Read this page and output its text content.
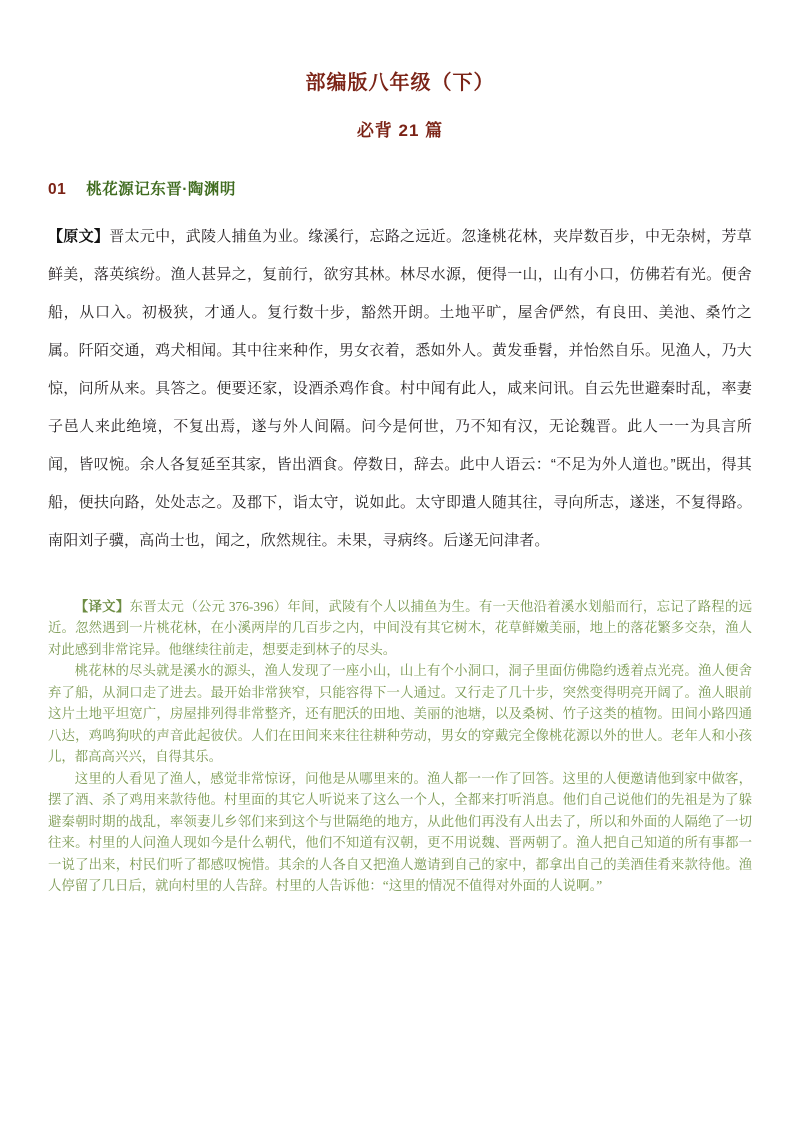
部编版八年级（下）
必背 21 篇
01 桃花源记东晋·陶渊明

【原文】晋太元中，武陵人捕鱼为业。缘溪行，忘路之远近。忽逢桃花林，夹岸数百步，中无杂树，芳草鲜美，落英缤纷。渔人甚异之，复前行，欲穷其林。林尽水源，便得一山，山有小口，仿佛若有光。便舍船，从口入。初极狭，才通人。复行数十步，豁然开朗。土地平旷，屋舍俨然，有良田、美池、桑竹之属。阡陌交通，鸡犬相闻。其中往来种作，男女衣着，悉如外人。黄发垂髫，并怡然自乐。见渔人，乃大惊，问所从来。具答之。便要还家，设酒杀鸡作食。村中闻有此人，咸来问讯。自云先世避秦时乱，率妻子邑人来此绝境，不复出焉，遂与外人间隔。问今是何世，乃不知有汉，无论魏晋。此人一一为具言所闻，皆叹惋。余人各复延至其家，皆出酒食。停数日，辞去。此中人语云：“不足为外人道也。”既出，得其船，便扶向路，处处志之。及郡下，诣太守，说如此。太守即遣人随其往，寻向所志，遂迷，不复得路。南阳刘子骥，高尚士也，闻之，欣然规往。未果，寻病终。后遂无问津者。

【译文】东晋太元（公元 376-396）年间，武陵有个人以捕鱼为生。有一天他沿着溪水划船而行，忘记了路程的远近。忽然遇到一片桃花林，在小溪两岸的几百步之内，中间没有其它树木，花草鲜嫩美丽，地上的落花繁多交杂，渔人对此感到非常诧异。他继续往前走，想要走到林子的尽头。

桃花林的尽头就是溪水的源头，渔人发现了一座小山，山上有个小洞口，洞子里面仿佛隐约透着点光亮。渔人便舍弃了船，从洞口走了进去。最开始非常狭窄，只能容得下一人通过。又行走了几十步，突然变得明亮开阔了。渔人眼前这片土地平坦宽广，房屋排列得非常整齐，还有肥沃的田地、美丽的池塘，以及桑树、竹子这类的植物。田间小路四通八达，鸡鸣狗吠的声音此起彼伏。人们在田间来来往往耕种劳动，男女的穿戴完全像桃花源以外的世人。老年人和小孩儿，都高高兴兴，自得其乐。

这里的人看见了渔人，感觉非常惊讶，问他是从哪里来的。渔人都一一作了回答。这里的人便邀请他到家中做客，摆了酒、杀了鸡用来款待他。村里面的其它人听说来了这么一个人，全都来打听消息。他们自己说他们的先祖是为了躲避秦朝时期的战乱，率领妻儿乡邻们来到这个与世隔绝的地方，从此他们再没有人出去了，所以和外面的人隔绝了一切往来。村里的人问渔人现如今是什么朝代，他们不知道有汉朝，更不用说魏、晋两朝了。渔人把自己知道的所有事都一一说了出来，村民们听了都感叹惋惜。其余的人各自又把渔人邀请到自己的家中，都拿出自己的美酒佳肴来款待他。渔人停留了几日后，就向村里的人告辞。村里的人告诉他：“这里的情况不值得对外面的人说啊。”
